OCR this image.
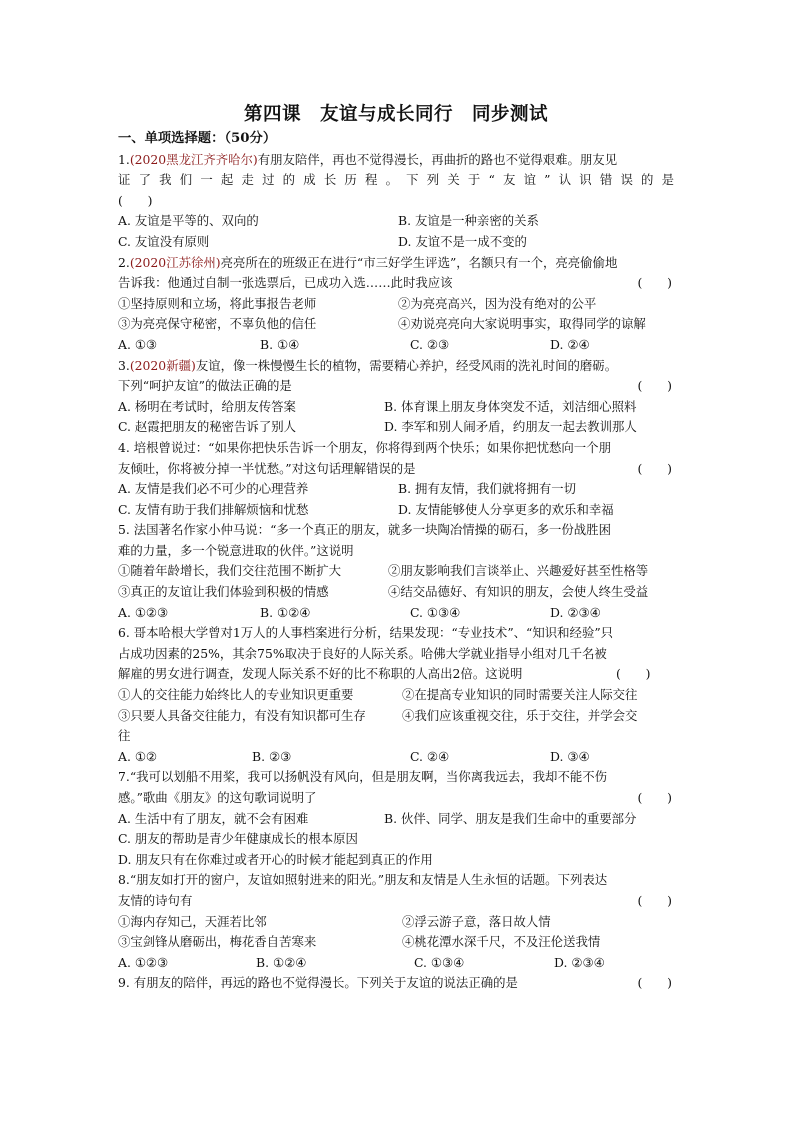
第四课　友谊与成长同行　同步测试
一、单项选择题：（50分）
1.(2020黑龙江齐齐哈尔)有朋友陪伴，再也不觉得漫长，再曲折的路也不觉得艰难。朋友见
证了我们一起走过的成长历程。下列关于“友谊”认识错误的是
(　　)
A. 友谊是平等的、双向的	B. 友谊是一种亲密的关系
C. 友谊没有原则	D. 友谊不是一成不变的
2.(2020江苏徐州)亮亮所在的班级正在进行“市三好学生评选”，名额只有一个，亮亮偷偷地
告诉我：他通过自制一张选票后，已成功入选……此时我应该	(　　)
①坚持原则和立场，将此事报告老师	②为亮亮高兴，因为没有绝对的公平
③为亮亮保守秘密，不辜负他的信任	④劝说亮亮向大家说明事实，取得同学的谅解
A. ①③	B. ①④	C. ②③	D. ②④
3.(2020新疆)友谊，像一株慢慢生长的植物，需要精心养护，经受风雨的洗礼时间的磨砺。
下列“呵护友谊”的做法正确的是	(　　)
A. 杨明在考试时，给朋友传答案	B. 体育课上朋友身体突发不适，刘洁细心照料
C. 赵霞把朋友的秘密告诉了别人	D. 李军和别人闹矛盾，约朋友一起去教训那人
4. 培根曾说过：“如果你把快乐告诉一个朋友，你将得到两个快乐；如果你把忧愁向一个朋
友倾吐，你将被分掉一半忧愁。”对这句话理解错误的是	(　　)
A. 友情是我们必不可少的心理营养	B. 拥有友情，我们就将拥有一切
C. 友情有助于我们排解烦恼和忧愁	D. 友情能够使人分享更多的欢乐和幸福
5. 法国著名作家小仲马说：“多一个真正的朋友，就多一块陶冶情操的砺石，多一份战胜困
难的力量，多一个锐意进取的伙伴。”这说明
①随着年龄增长，我们交往范围不断扩大	②朋友影响我们言谈举止、兴趣爱好甚至性格等
③真正的友谊让我们体验到积极的情感	④结交品德好、有知识的朋友，会使人终生受益
A. ①②③	B. ①②④	C. ①③④	D. ②③④
6. 哥本哈根大学曾对1万人的人事档案进行分析，结果发现：“专业技术”、“知识和经验”只
占成功因素的25%，其余75%取决于良好的人际关系。哈佛大学就业指导小组对几千名被
解雇的男女进行调查，发现人际关系不好的比不称职的人高出2倍。这说明	(　　)
①人的交往能力始终比人的专业知识更重要	②在提高专业知识的同时需要关注人际交往
③只要人具备交往能力，有没有知识都可生存	④我们应该重视交往，乐于交往，并学会交
往
A. ①②	B. ②③	C. ②④	D. ③④
7.“我可以划船不用桨，我可以扬帆没有风向，但是朋友啊，当你离我远去，我却不能不伤
感。”歌曲《朋友》的这句歌词说明了	(　　)
A. 生活中有了朋友，就不会有困难	B. 伙伴、同学、朋友是我们生命中的重要部分
C. 朋友的帮助是青少年健康成长的根本原因
D. 朋友只有在你难过或者开心的时候才能起到真正的作用
8.“朋友如打开的窗户，友谊如照射进来的阳光。”朋友和友情是人生永恒的话题。下列表达
友情的诗句有	(　　)
①海内存知己，天涯若比邻	②浮云游子意，落日故人情
③宝剑锋从磨砺出，梅花香自苦寒来	④桃花潭水深千尺，不及汪伦送我情
A. ①②③	B. ①②④	C. ①③④	D. ②③④
9. 有朋友的陪伴，再远的路也不觉得漫长。下列关于友谊的说法正确的是	(　　)
